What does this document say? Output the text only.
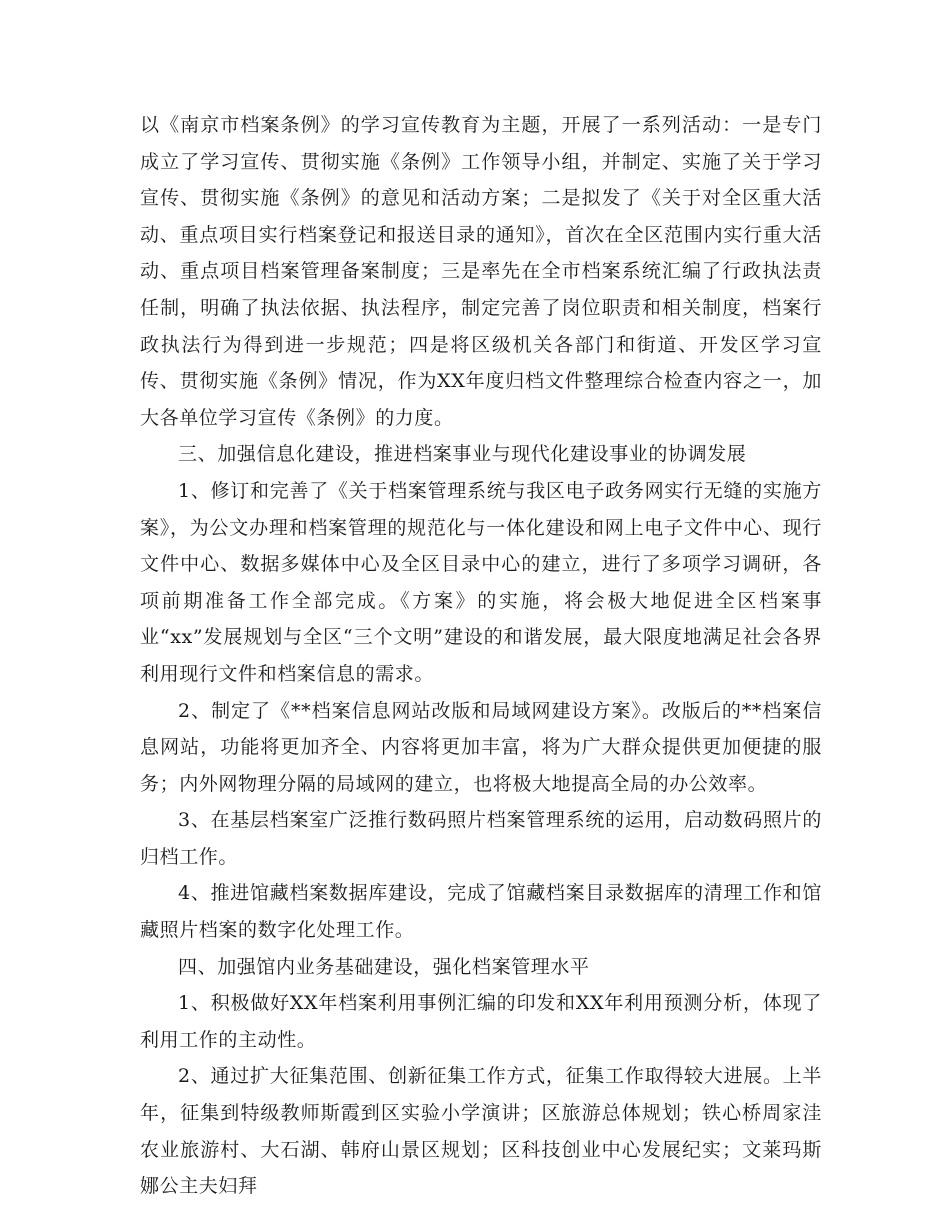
以《南京市档案条例》的学习宣传教育为主题，开展了一系列活动：一是专门成立了学习宣传、贯彻实施《条例》工作领导小组，并制定、实施了关于学习宣传、贯彻实施《条例》的意见和活动方案；二是拟发了《关于对全区重大活动、重点项目实行档案登记和报送目录的通知》，首次在全区范围内实行重大活动、重点项目档案管理备案制度；三是率先在全市档案系统汇编了行政执法责任制，明确了执法依据、执法程序，制定完善了岗位职责和相关制度，档案行政执法行为得到进一步规范；四是将区级机关各部门和街道、开发区学习宣传、贯彻实施《条例》情况，作为XX年度归档文件整理综合检查内容之一，加大各单位学习宣传《条例》的力度。

三、加强信息化建设，推进档案事业与现代化建设事业的协调发展

1、修订和完善了《关于档案管理系统与我区电子政务网实行无缝的实施方案》，为公文办理和档案管理的规范化与一体化建设和网上电子文件中心、现行文件中心、数据多媒体中心及全区目录中心的建立，进行了多项学习调研，各项前期准备工作全部完成。《方案》的实施，将会极大地促进全区档案事业“xx”发展规划与全区“三个文明”建设的和谐发展，最大限度地满足社会各界利用现行文件和档案信息的需求。

2、制定了《**档案信息网站改版和局域网建设方案》。改版后的**档案信息网站，功能将更加齐全、内容将更加丰富，将为广大群众提供更加便捷的服务；内外网物理分隔的局域网的建立，也将极大地提高全局的办公效率。

3、在基层档案室广泛推行数码照片档案管理系统的运用，启动数码照片的归档工作。

4、推进馆藏档案数据库建设，完成了馆藏档案目录数据库的清理工作和馆藏照片档案的数字化处理工作。

四、加强馆内业务基础建设，强化档案管理水平

1、积极做好XX年档案利用事例汇编的印发和XX年利用预测分析，体现了利用工作的主动性。

2、通过扩大征集范围、创新征集工作方式，征集工作取得较大进展。上半年，征集到特级教师斯霞到区实验小学演讲；区旅游总体规划；铁心桥周家洼农业旅游村、大石湖、韩府山景区规划；区科技创业中心发展纪实；文莱玛斯娜公主夫妇拜
